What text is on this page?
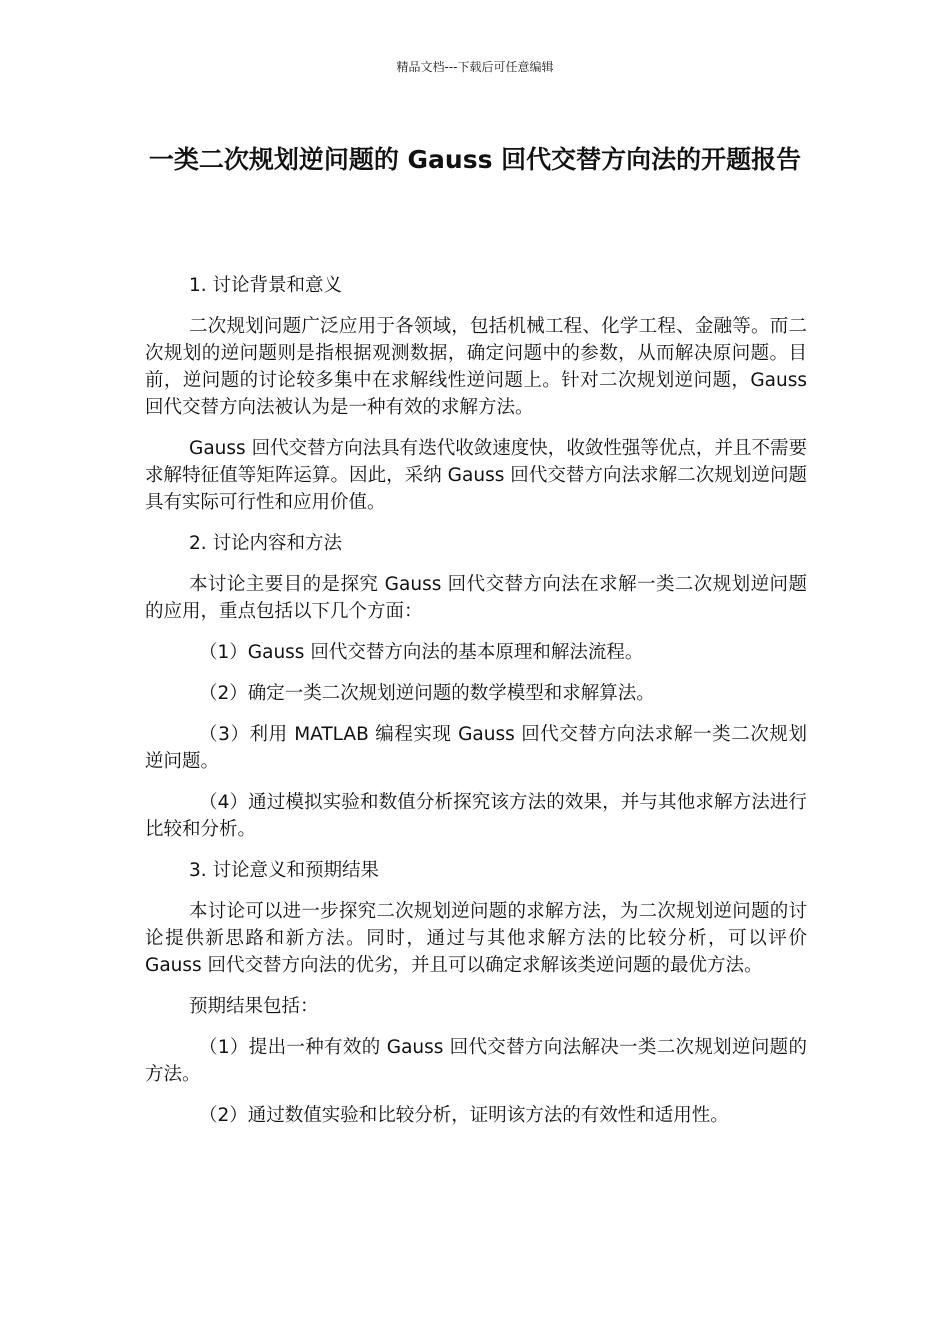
精品文档---下载后可任意编辑
一类二次规划逆问题的 Gauss 回代交替方向法的开题报告

1. 讨论背景和意义

二次规划问题广泛应用于各领域，包括机械工程、化学工程、金融等。而二次规划的逆问题则是指根据观测数据，确定问题中的参数，从而解决原问题。目前，逆问题的讨论较多集中在求解线性逆问题上。针对二次规划逆问题，Gauss 回代交替方向法被认为是一种有效的求解方法。

Gauss 回代交替方向法具有迭代收敛速度快，收敛性强等优点，并且不需要求解特征值等矩阵运算。因此，采纳 Gauss 回代交替方向法求解二次规划逆问题具有实际可行性和应用价值。

2. 讨论内容和方法

本讨论主要目的是探究 Gauss 回代交替方向法在求解一类二次规划逆问题的应用，重点包括以下几个方面：

（1）Gauss 回代交替方向法的基本原理和解法流程。

（2）确定一类二次规划逆问题的数学模型和求解算法。

（3）利用 MATLAB 编程实现 Gauss 回代交替方向法求解一类二次规划逆问题。

（4）通过模拟实验和数值分析探究该方法的效果，并与其他求解方法进行比较和分析。

3. 讨论意义和预期结果

本讨论可以进一步探究二次规划逆问题的求解方法，为二次规划逆问题的讨论提供新思路和新方法。同时，通过与其他求解方法的比较分析，可以评价 Gauss 回代交替方向法的优劣，并且可以确定求解该类逆问题的最优方法。

预期结果包括：

（1）提出一种有效的 Gauss 回代交替方向法解决一类二次规划逆问题的方法。

（2）通过数值实验和比较分析，证明该方法的有效性和适用性。
